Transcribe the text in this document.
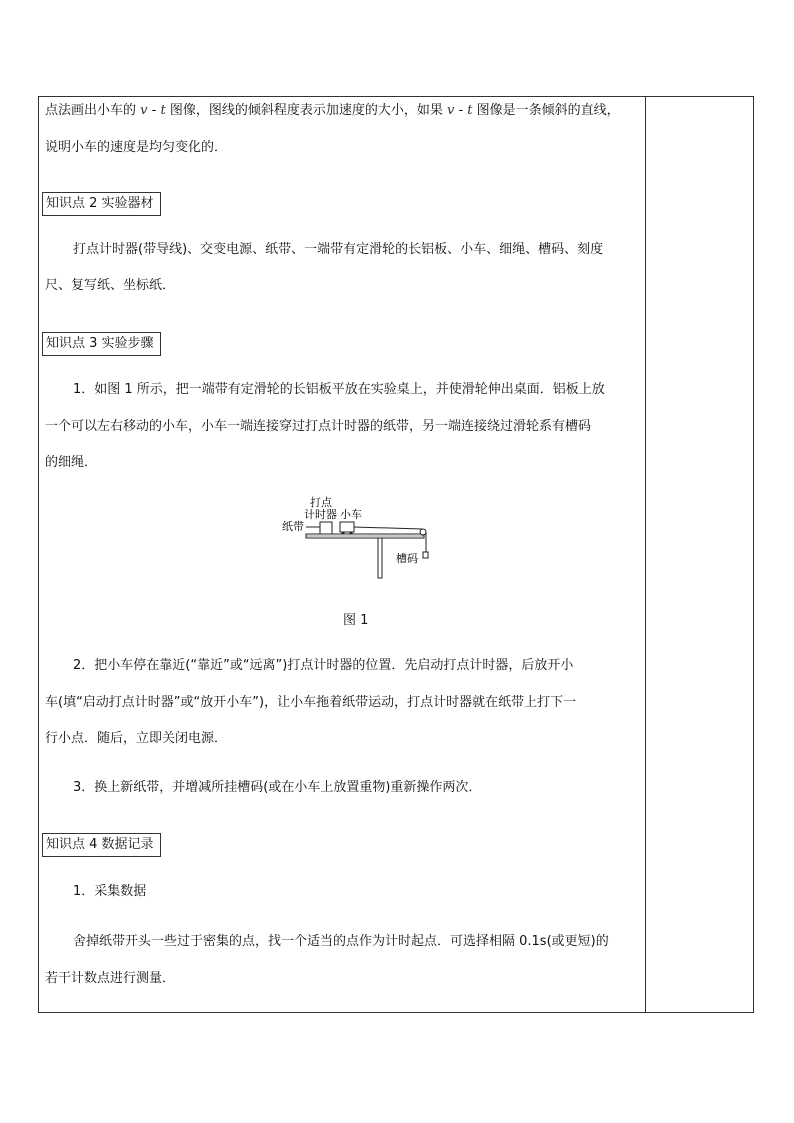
点法画出小车的 v - t 图像，图线的倾斜程度表示加速度的大小，如果 v - t 图像是一条倾斜的直线，
说明小车的速度是均匀变化的．
知识点 2 实验器材
打点计时器(带导线)、交变电源、纸带、一端带有定滑轮的长铝板、小车、细绳、槽码、刻度
尺、复写纸、坐标纸．
知识点 3 实验步骤
1．如图 1 所示，把一端带有定滑轮的长铝板平放在实验桌上，并使滑轮伸出桌面．铝板上放
一个可以左右移动的小车，小车一端连接穿过打点计时器的纸带，另一端连接绕过滑轮系有槽码
的细绳．
打点
计时器 小车
纸带
槽码
图 1
2．把小车停在靠近(“靠近”或“远离”)打点计时器的位置．先启动打点计时器，后放开小
车(填“启动打点计时器”或“放开小车”)，让小车拖着纸带运动，打点计时器就在纸带上打下一
行小点．随后，立即关闭电源．
3．换上新纸带，并增减所挂槽码(或在小车上放置重物)重新操作两次．
知识点 4 数据记录
1．采集数据
舍掉纸带开头一些过于密集的点，找一个适当的点作为计时起点．可选择相隔 0.1s(或更短)的
若干计数点进行测量．
